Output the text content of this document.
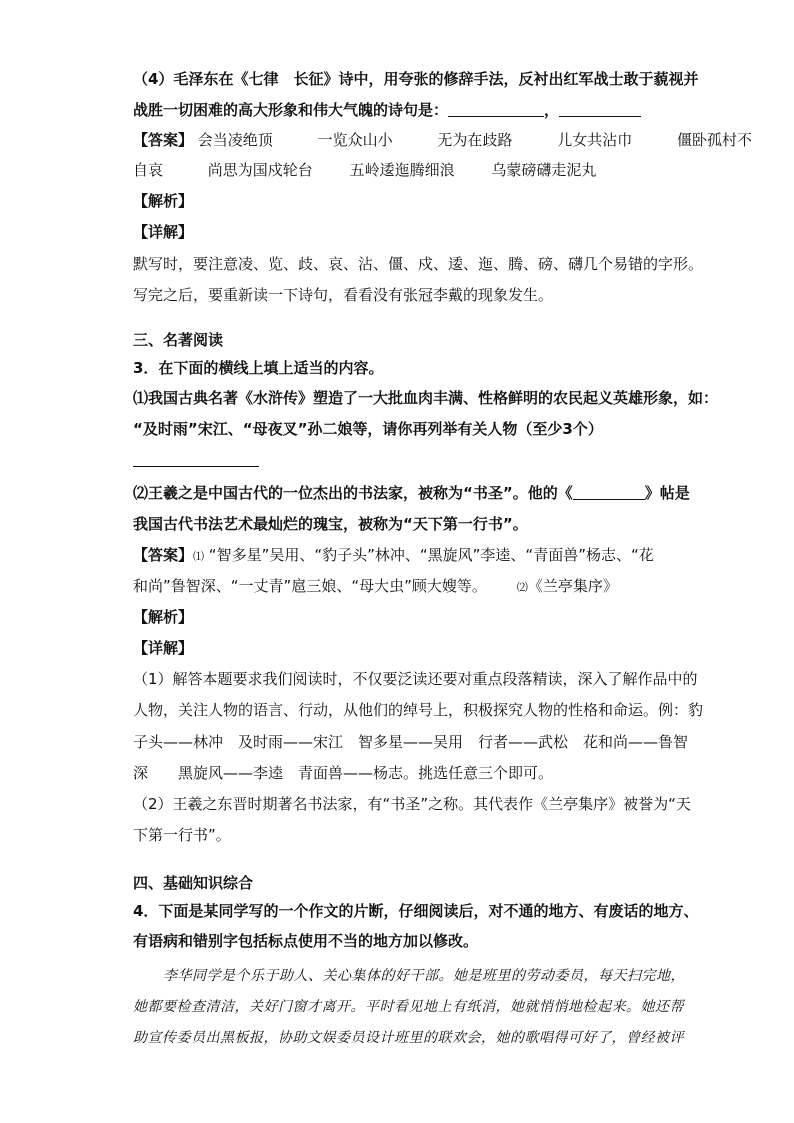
（4）毛泽东在《七律　长征》诗中，用夸张的修辞手法，反衬出红军战士敢于藐视并
战胜一切困难的高大形象和伟大气魄的诗句是：	，
【答案】 会当凌绝顶	一览众山小	无为在歧路	儿女共沾巾	僵卧孤村不
自哀	尚思为国戍轮台 五岭逶迤腾细浪 乌蒙磅礴走泥丸
【解析】
【详解】
默写时，要注意凌、览、歧、哀、沾、僵、戍、逶、迤、腾、磅、礴几个易错的字形。
写完之后，要重新读一下诗句，看看没有张冠李戴的现象发生。
三、名著阅读
3．在下面的横线上填上适当的内容。
⑴我国古典名著《水浒传》塑造了一大批血肉丰满、性格鲜明的农民起义英雄形象，如：
“及时雨”宋江、“母夜叉”孙二娘等，请你再列举有关人物（至少3个）
⑵王羲之是中国古代的一位杰出的书法家，被称为“书圣”。他的《	》帖是
我国古代书法艺术最灿烂的瑰宝，被称为“天下第一行书”。
【答案】⑴ “智多星”吴用、“豹子头”林冲、“黑旋风”李逵、“青面兽”杨志、“花
和尚”鲁智深、“一丈青”扈三娘、“母大虫”顾大嫂等。	⑵《兰亭集序》
【解析】
【详解】
（1）解答本题要求我们阅读时，不仅要泛读还要对重点段落精读，深入了解作品中的
人物，关注人物的语言、行动，从他们的绰号上，积极探究人物的性格和命运。例：豹
子头——林冲　及时雨——宋江　智多星——吴用　行者——武松　花和尚——鲁智
深　　黑旋风——李逵　青面兽——杨志。挑选任意三个即可。
（2）王羲之东晋时期著名书法家，有“书圣”之称。其代表作《兰亭集序》被誉为“天
下第一行书”。
四、基础知识综合
4．下面是某同学写的一个作文的片断，仔细阅读后，对不通的地方、有废话的地方、
有语病和错别字包括标点使用不当的地方加以修改。
李华同学是个乐于助人、关心集体的好干部。她是班里的劳动委员，每天扫完地，
她都要检查清洁，关好门窗才离开。平时看见地上有纸消，她就悄悄地检起来。她还帮
助宣传委员出黑板报，协助文娱委员设计班里的联欢会，她的歌唱得可好了，曾经被评
